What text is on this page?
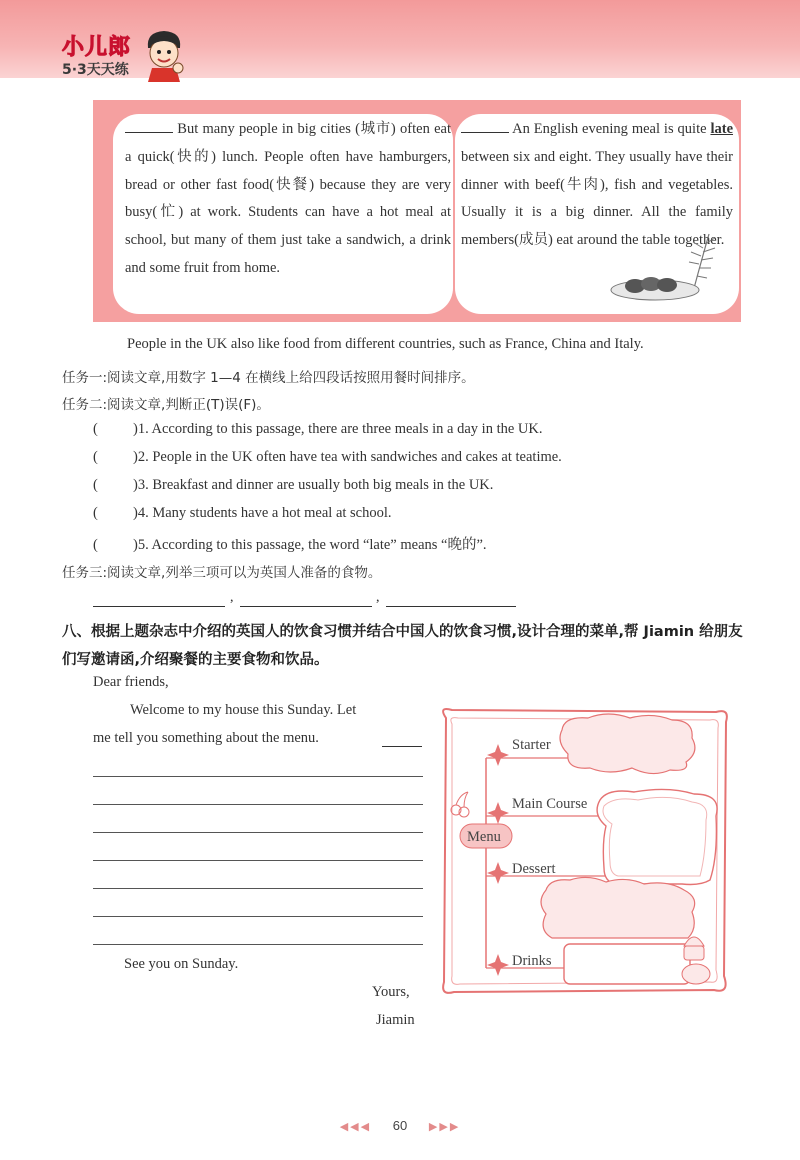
小儿郎
5·3天天练
But many people in big cities (城市) often eat a quick(快的) lunch. People often have hamburgers, bread or other fast food(快餐) because they are very busy(忙) at work. Students can have a hot meal at school, but many of them just take a sandwich, a drink and some fruit from home.
An English evening meal is quite late between six and eight. They usually have their dinner with beef(牛肉), fish and vegetables. Usually it is a big dinner. All the family members(成员) eat around the table together.
People in the UK also like food from different countries, such as France, China and Italy.
任务一:阅读文章,用数字 1—4 在横线上给四段话按照用餐时间排序。
任务二:阅读文章,判断正(T)误(F)。
( )1. According to this passage, there are three meals in a day in the UK.
( )2. People in the UK often have tea with sandwiches and cakes at teatime.
( )3. Breakfast and dinner are usually both big meals in the UK.
( )4. Many students have a hot meal at school.
( )5. According to this passage, the word “late” means “晚的”.
任务三:阅读文章,列举三项可以为英国人准备的食物。
,	,
八、根据上题杂志中介绍的英国人的饮食习惯并结合中国人的饮食习惯,设计合理的菜单,帮 Jiamin 给朋友们写邀请函,介绍聚餐的主要食物和饮品。
Dear friends,
Welcome to my house this Sunday. Let
me tell you something about the menu.
See you on Sunday.
Yours,
Jiamin
Starter
Main Course
Dessert
Drinks
Menu
◀◀◀ 60 ▶▶▶
